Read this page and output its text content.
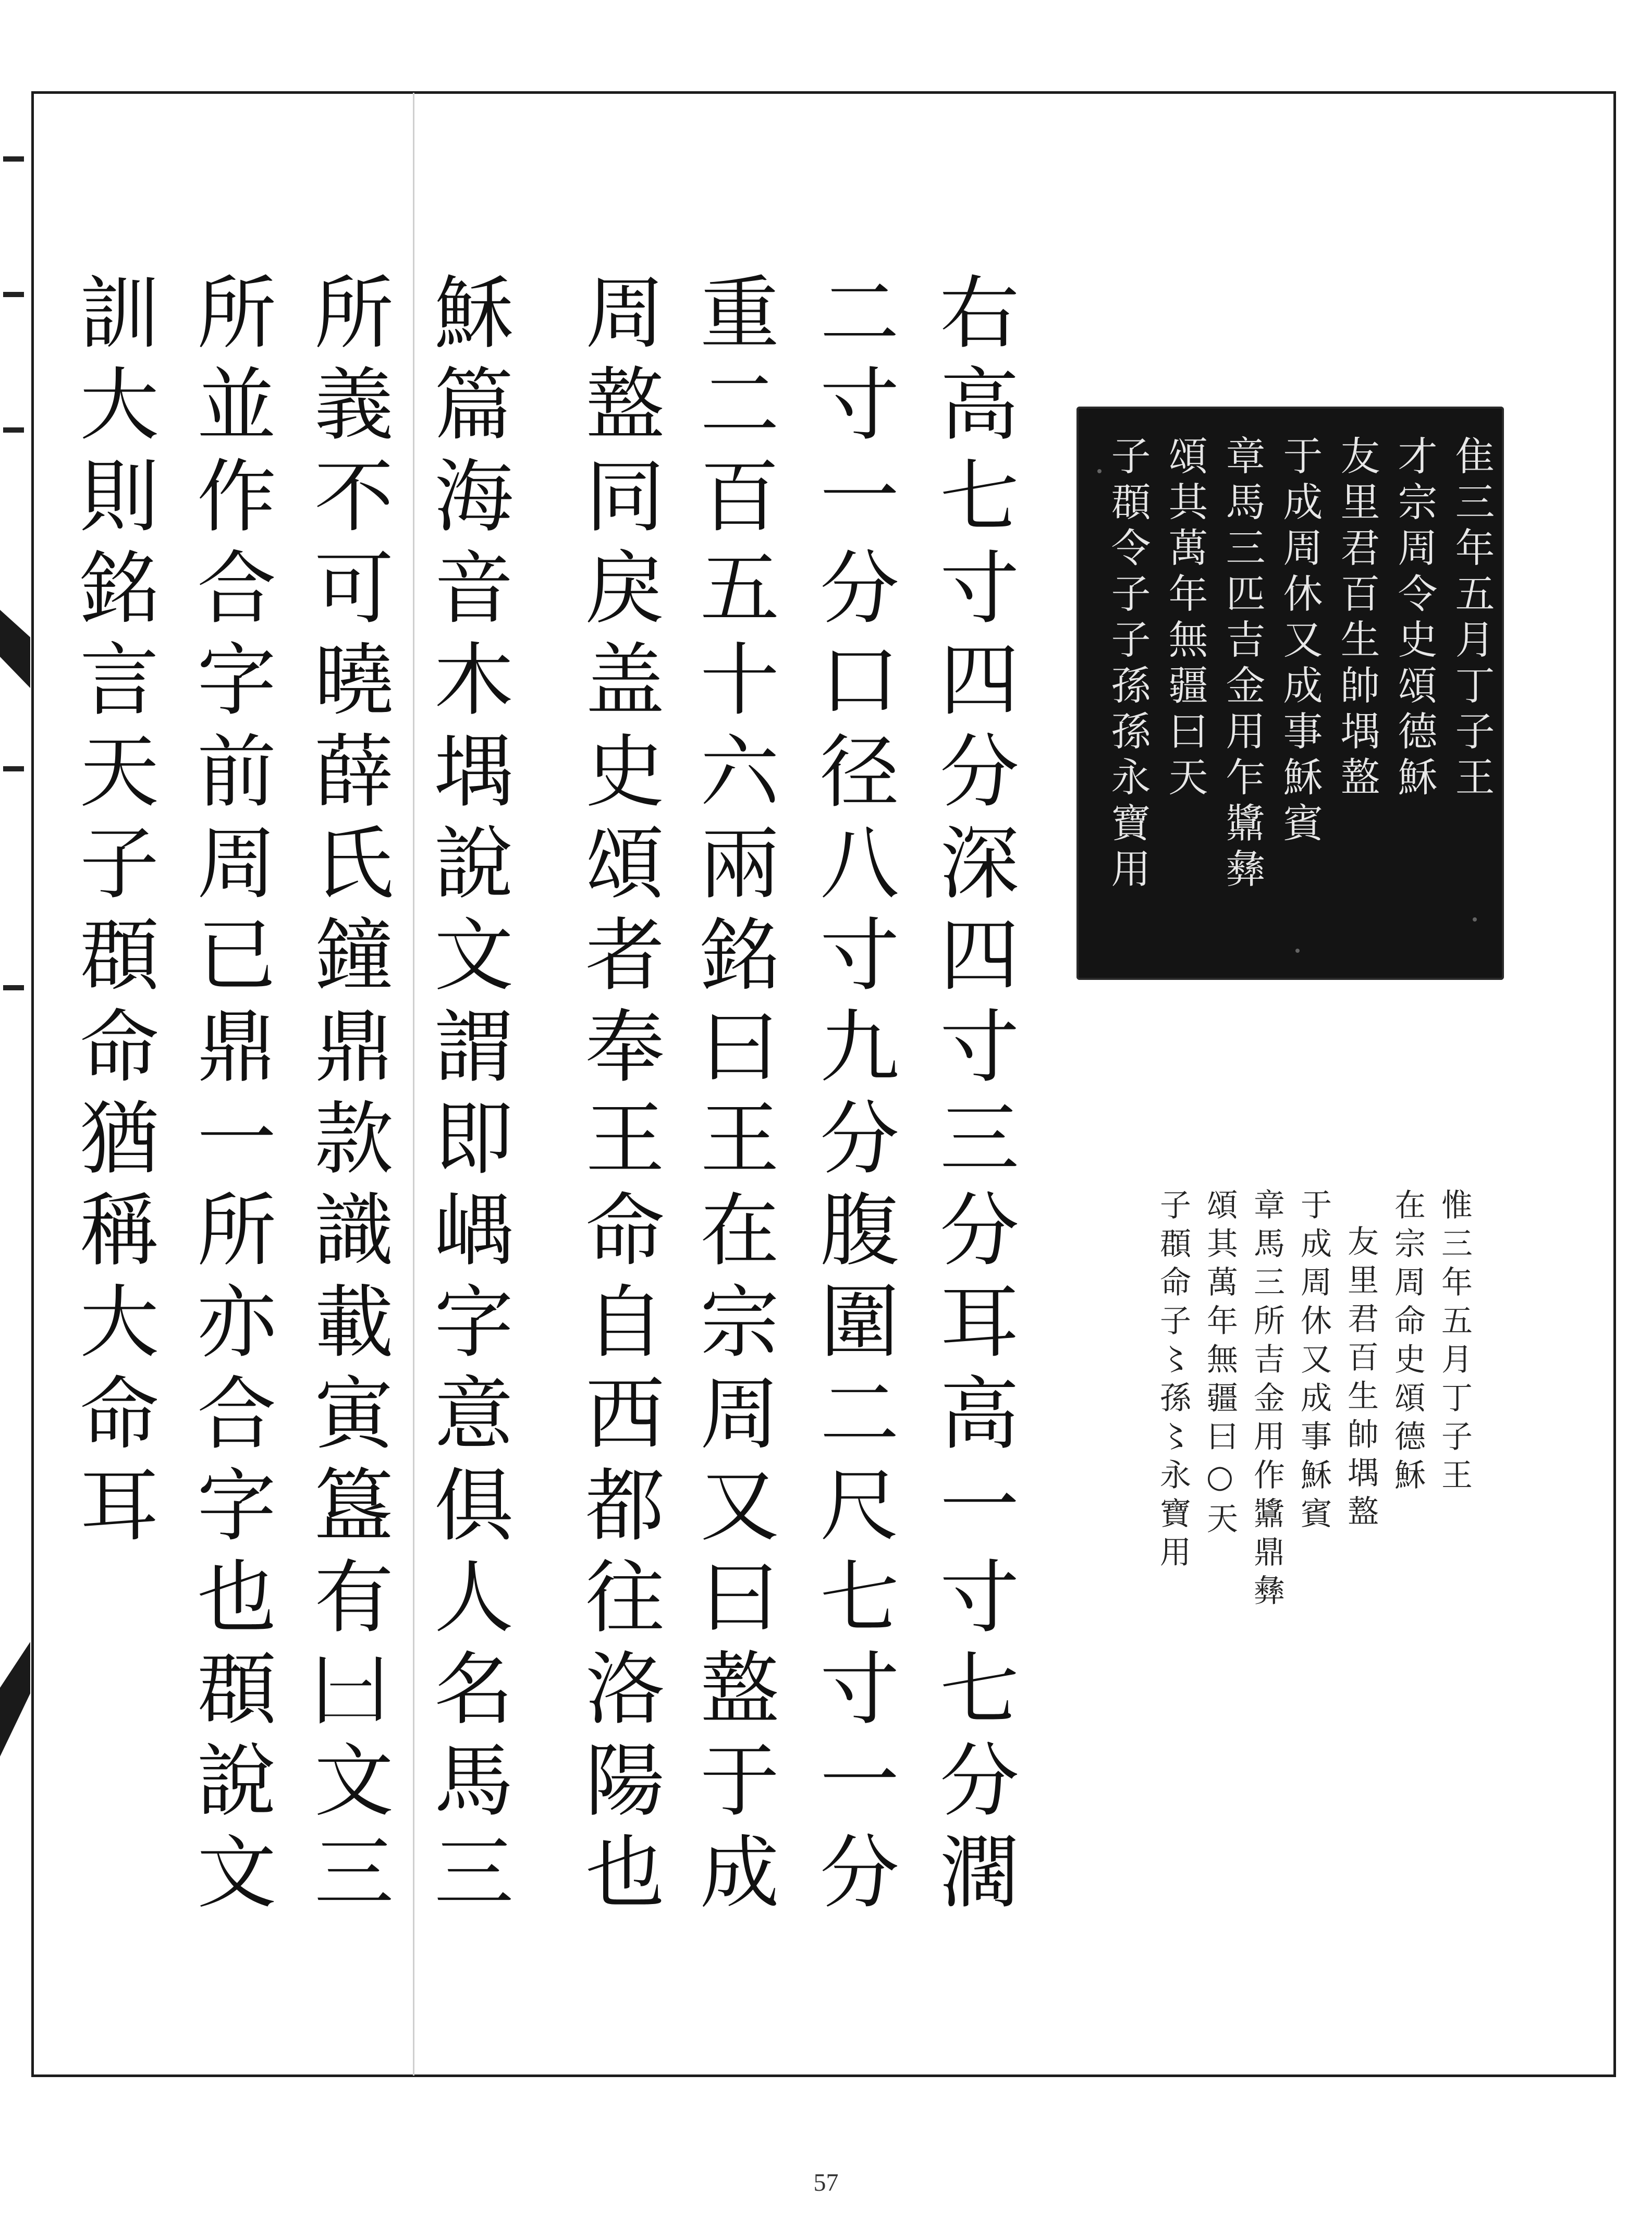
右高七寸四分深四寸三分耳高一寸七分濶
二寸一分口径八寸九分腹圍二尺七寸一分
重二百五十六兩銘曰王在宗周又曰盩于成
周盩同戾盖史頌者奉王命自西都往洛陽也
穌篇海音木堣說文謂即嵎字意俱人名馬三
所義不可曉薛氏鐘鼎款識載寅簋有𠙵文三
所並作合字前周已鼎一所亦合字也頵說文
訓大則銘言天子頵命猶稱大命耳	隹三年五月丁子王
才宗周令史頌德穌
友里君百生帥堣盩
于成周休又成事穌賓
章馬三匹吉金用乍䵼彝
頌其萬年無疆曰天
子頵令子子孫孫永寶用
惟三年五月丁子王
在宗周命史頌德穌
友里君百生帥堣盩
于成周休又成事穌賓
章馬三所吉金用作䵼鼎彝
頌其萬年無疆曰○天
子頵命子〻孫〻永寶用
57
